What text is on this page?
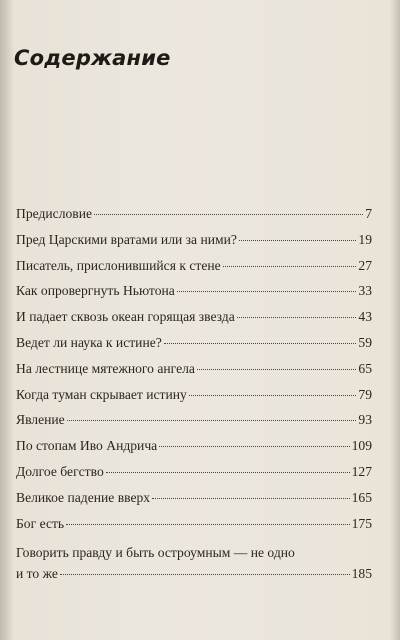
Содержание
Предисловие	7
Пред Царскими вратами или за ними?	19
Писатель, прислонившийся к стене	27
Как опровергнуть Ньютона	33
И падает сквозь океан горящая звезда	43
Ведет ли наука к истине?	59
На лестнице мятежного ангела	65
Когда туман скрывает истину	79
Явление	93
По стопам Иво Андрича	109
Долгое бегство	127
Великое падение вверх	165
Бог есть	175
Говорить правду и быть остроумным — не одно
и то же	185
